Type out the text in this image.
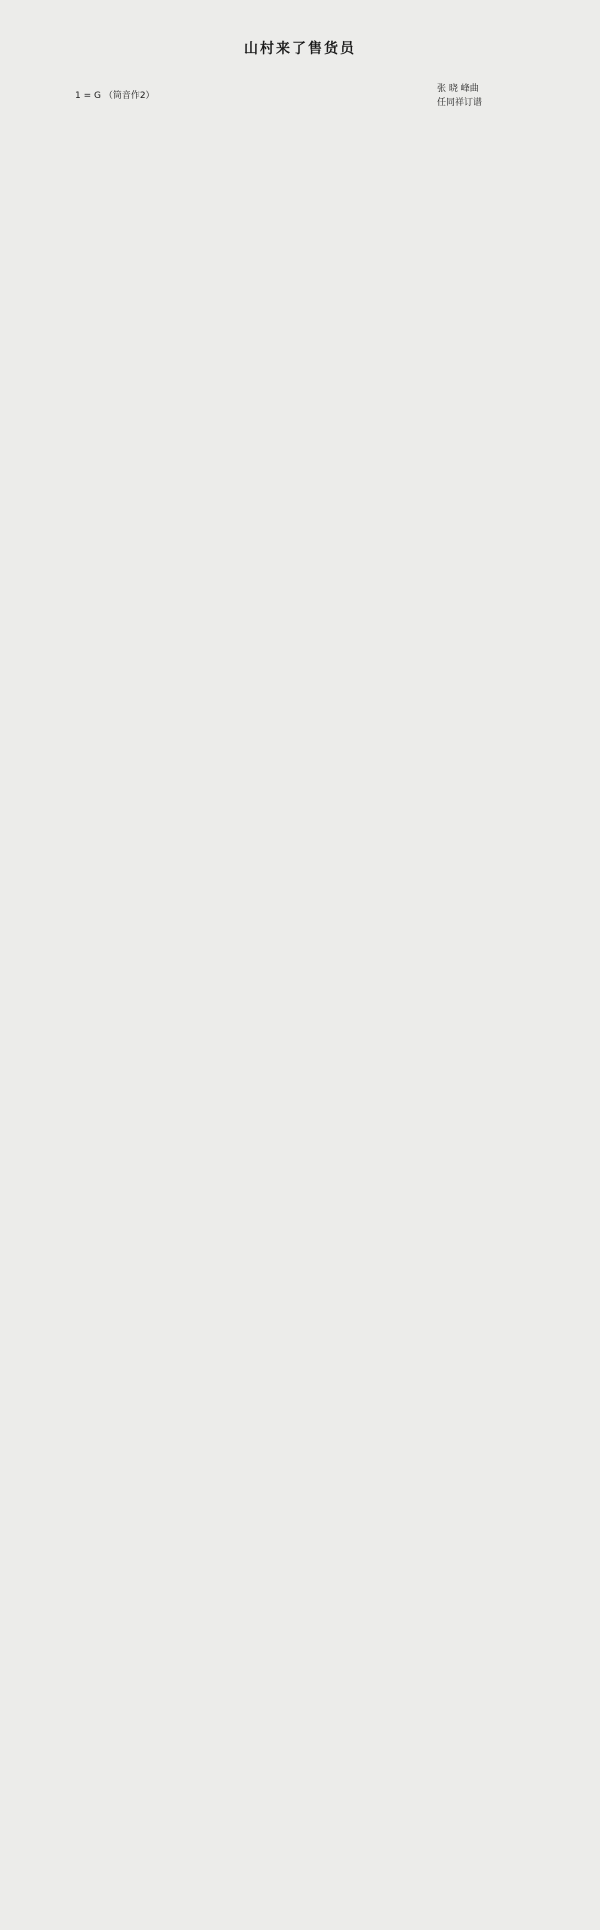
山村来了售货员
1 = G （筒音作2）
张 晓 峰曲
任同祥订谱
